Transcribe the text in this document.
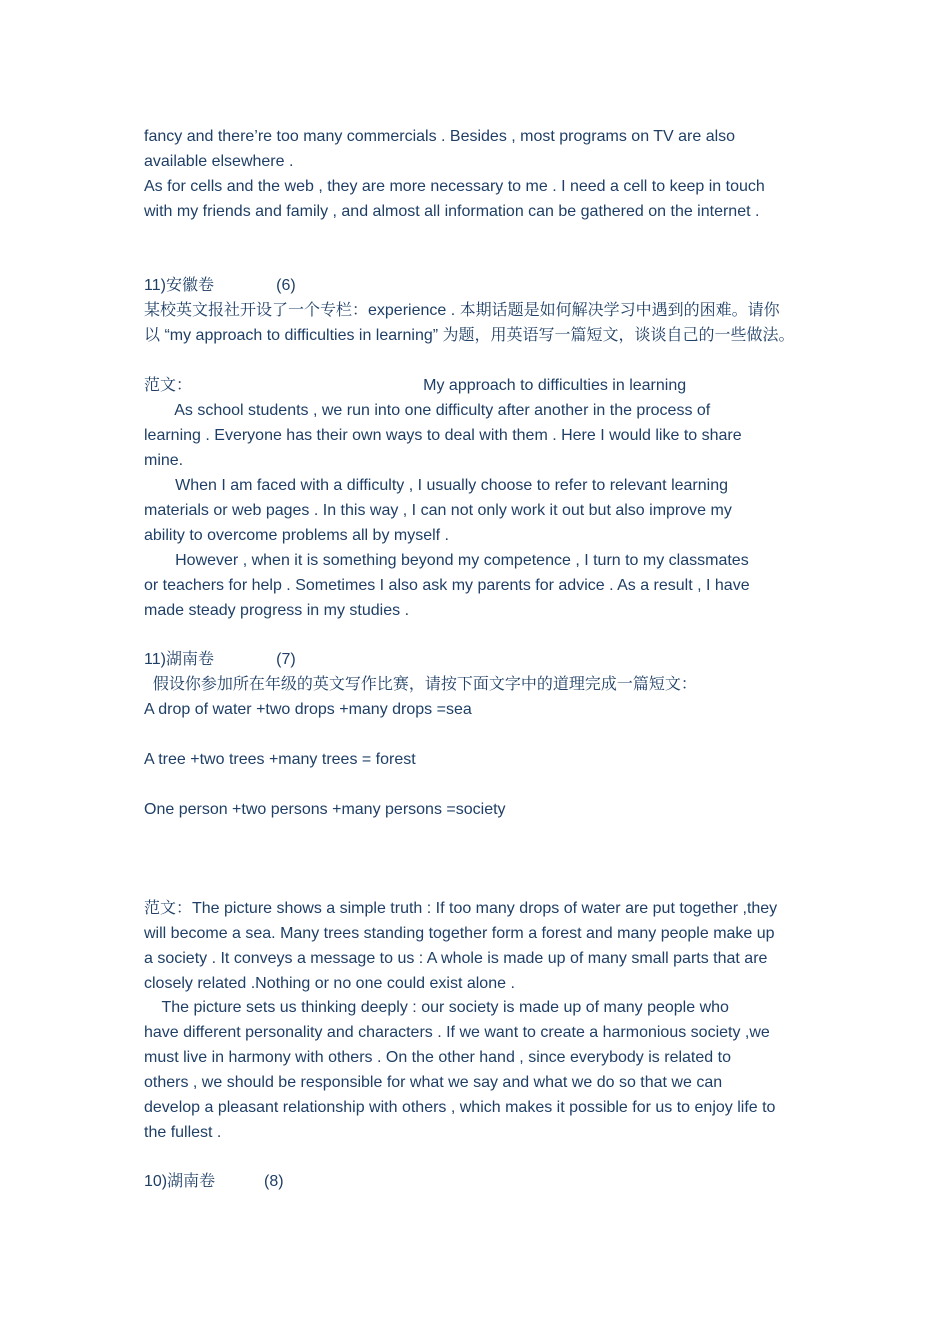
fancy and there’re too many commercials . Besides , most programs on TV are also
available elsewhere .
As for cells and the web , they are more necessary to me . I need a cell to keep in touch
with my friends and family , and almost all information can be gathered on the internet .
11)安徽卷              (6)
某校英文报社开设了一个专栏：experience . 本期话题是如何解决学习中遇到的困难。请你
以 “my approach to difficulties in learning” 为题，用英语写一篇短文，谈谈自己的一些做法。
范文：                                                    My approach to difficulties in learning
As school students , we run into one difficulty after another in the process of
learning . Everyone has their own ways to deal with them . Here I would like to share
mine.
When I am faced with a difficulty , I usually choose to refer to relevant learning
materials or web pages . In this way , I can not only work it out but also improve my
ability to overcome problems all by myself .
However , when it is something beyond my competence , I turn to my classmates
or teachers for help . Sometimes I also ask my parents for advice . As a result , I have
made steady progress in my studies .
11)湖南卷              (7)
假设你参加所在年级的英文写作比赛，请按下面文字中的道理完成一篇短文：
A drop of water +two drops +many drops =sea
A tree +two trees +many trees = forest
One person +two persons +many persons =society
范文：The picture shows a simple truth : If too many drops of water are put together ,they
will become a sea. Many trees standing together form a forest and many people make up
a society . It conveys a message to us : A whole is made up of many small parts that are
closely related .Nothing or no one could exist alone .
The picture sets us thinking deeply : our society is made up of many people who
have different personality and characters . If we want to create a harmonious society ,we
must live in harmony with others . On the other hand , since everybody is related to
others , we should be responsible for what we say and what we do so that we can
develop a pleasant relationship with others , which makes it possible for us to enjoy life to
the fullest .
10)湖南卷           (8)
